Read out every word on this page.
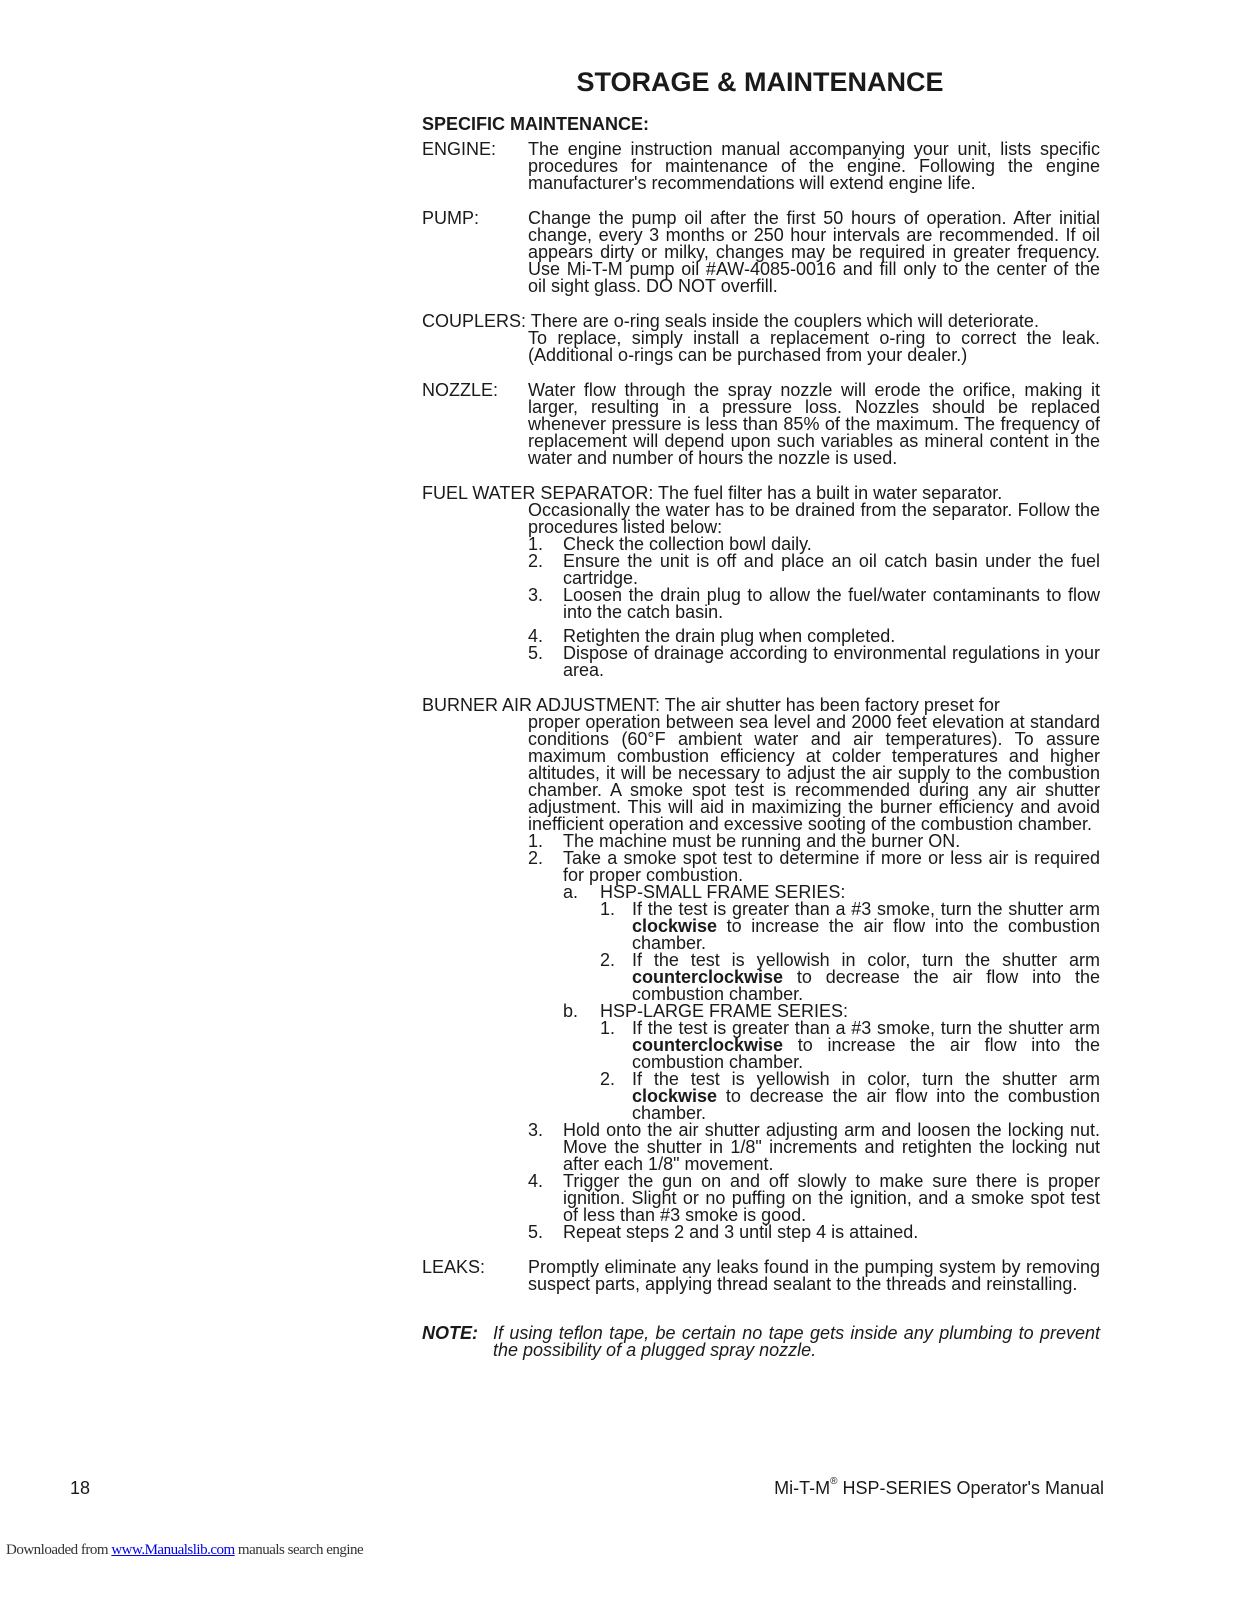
STORAGE & MAINTENANCE
SPECIFIC MAINTENANCE:
ENGINE:	The engine instruction manual accompanying your unit, lists specific procedures for maintenance of the engine. Following the engine manufacturer's recommendations will extend engine life.
PUMP:	Change the pump oil after the first 50 hours of operation. After initial change, every 3 months or 250 hour intervals are recommended. If oil appears dirty or milky, changes may be required in greater frequency. Use Mi-T-M pump oil #AW-4085-0016 and fill only to the center of the oil sight glass. DO NOT overfill.
COUPLERS: There are o-ring seals inside the couplers which will deteriorate.
To replace, simply install a replacement o-ring to correct the leak. (Additional o-rings can be purchased from your dealer.)
NOZZLE:	Water flow through the spray nozzle will erode the orifice, making it larger, resulting in a pressure loss. Nozzles should be replaced whenever pressure is less than 85% of the maximum. The frequency of replacement will depend upon such variables as mineral content in the water and number of hours the nozzle is used.
FUEL WATER SEPARATOR: The fuel filter has a built in water separator.
Occasionally the water has to be drained from the separator. Follow the procedures listed below:
1.	Check the collection bowl daily.
2.	Ensure the unit is off and place an oil catch basin under the fuel cartridge.
3.	Loosen the drain plug to allow the fuel/water contaminants to flow into the catch basin.
4.	Retighten the drain plug when completed.
5.	Dispose of drainage according to environmental regulations in your area.
BURNER AIR ADJUSTMENT: The air shutter has been factory preset for
proper operation between sea level and 2000 feet elevation at standard conditions (60°F ambient water and air temperatures). To assure maximum combustion efficiency at colder temperatures and higher altitudes, it will be necessary to adjust the air supply to the combustion chamber. A smoke spot test is recommended during any air shutter adjustment. This will aid in maximizing the burner efficiency and avoid inefficient operation and excessive sooting of the combustion chamber.
1.	The machine must be running and the burner ON.
2.	Take a smoke spot test to determine if more or less air is required for proper combustion.
a.	HSP-SMALL FRAME SERIES:
1. If the test is greater than a #3 smoke, turn the shutter arm clockwise to increase the air flow into the combustion chamber.
2. If the test is yellowish in color, turn the shutter arm counterclockwise to decrease the air flow into the combustion chamber.
b.	HSP-LARGE FRAME SERIES:
1. If the test is greater than a #3 smoke, turn the shutter arm counterclockwise to increase the air flow into the combustion chamber.
2. If the test is yellowish in color, turn the shutter arm clockwise to decrease the air flow into the combustion chamber.
3.	Hold onto the air shutter adjusting arm and loosen the locking nut. Move the shutter in 1/8" increments and retighten the locking nut after each 1/8" movement.
4.	Trigger the gun on and off slowly to make sure there is proper ignition. Slight or no puffing on the ignition, and a smoke spot test of less than #3 smoke is good.
5.	Repeat steps 2 and 3 until step 4 is attained.
LEAKS:	Promptly eliminate any leaks found in the pumping system by removing suspect parts, applying thread sealant to the threads and reinstalling.
NOTE: If using teflon tape, be certain no tape gets inside any plumbing to prevent the possibility of a plugged spray nozzle.
18	Mi-T-M® HSP-SERIES Operator's Manual
Downloaded from www.Manualslib.com manuals search engine
